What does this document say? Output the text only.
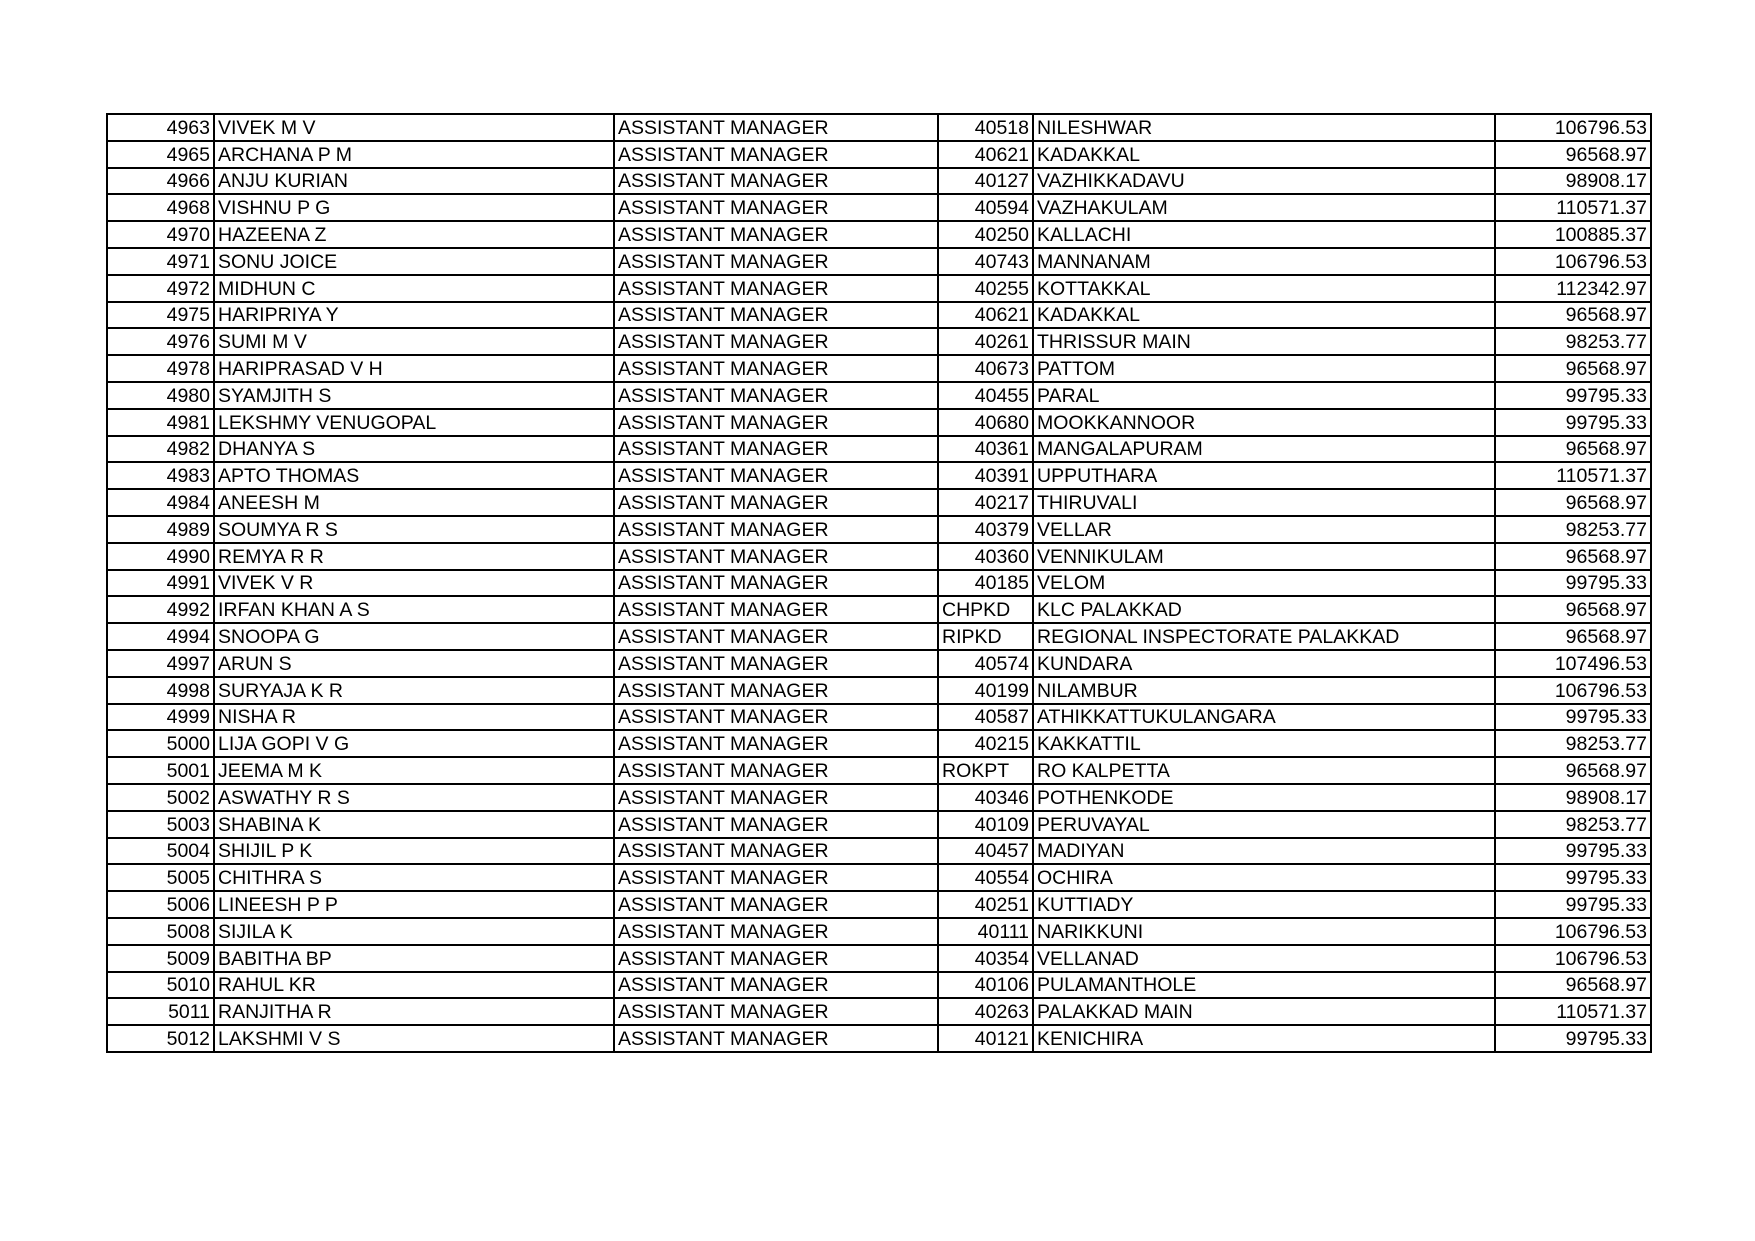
4963	VIVEK M V	ASSISTANT MANAGER	40518	NILESHWAR	106796.53
4965	ARCHANA P M	ASSISTANT MANAGER	40621	KADAKKAL	96568.97
4966	ANJU KURIAN	ASSISTANT MANAGER	40127	VAZHIKKADAVU	98908.17
4968	VISHNU P G	ASSISTANT MANAGER	40594	VAZHAKULAM	110571.37
4970	HAZEENA Z	ASSISTANT MANAGER	40250	KALLACHI	100885.37
4971	SONU JOICE	ASSISTANT MANAGER	40743	MANNANAM	106796.53
4972	MIDHUN C	ASSISTANT MANAGER	40255	KOTTAKKAL	112342.97
4975	HARIPRIYA Y	ASSISTANT MANAGER	40621	KADAKKAL	96568.97
4976	SUMI M V	ASSISTANT MANAGER	40261	THRISSUR MAIN	98253.77
4978	HARIPRASAD V H	ASSISTANT MANAGER	40673	PATTOM	96568.97
4980	SYAMJITH S	ASSISTANT MANAGER	40455	PARAL	99795.33
4981	LEKSHMY VENUGOPAL	ASSISTANT MANAGER	40680	MOOKKANNOOR	99795.33
4982	DHANYA S	ASSISTANT MANAGER	40361	MANGALAPURAM	96568.97
4983	APTO THOMAS	ASSISTANT MANAGER	40391	UPPUTHARA	110571.37
4984	ANEESH M	ASSISTANT MANAGER	40217	THIRUVALI	96568.97
4989	SOUMYA R S	ASSISTANT MANAGER	40379	VELLAR	98253.77
4990	REMYA R R	ASSISTANT MANAGER	40360	VENNIKULAM	96568.97
4991	VIVEK V R	ASSISTANT MANAGER	40185	VELOM	99795.33
4992	IRFAN KHAN A S	ASSISTANT MANAGER	CHPKD	KLC PALAKKAD	96568.97
4994	SNOOPA G	ASSISTANT MANAGER	RIPKD	REGIONAL INSPECTORATE PALAKKAD	96568.97
4997	ARUN S	ASSISTANT MANAGER	40574	KUNDARA	107496.53
4998	SURYAJA K R	ASSISTANT MANAGER	40199	NILAMBUR	106796.53
4999	NISHA R	ASSISTANT MANAGER	40587	ATHIKKATTUKULANGARA	99795.33
5000	LIJA GOPI V G	ASSISTANT MANAGER	40215	KAKKATTIL	98253.77
5001	JEEMA M K	ASSISTANT MANAGER	ROKPT	RO KALPETTA	96568.97
5002	ASWATHY R S	ASSISTANT MANAGER	40346	POTHENKODE	98908.17
5003	SHABINA K	ASSISTANT MANAGER	40109	PERUVAYAL	98253.77
5004	SHIJIL P K	ASSISTANT MANAGER	40457	MADIYAN	99795.33
5005	CHITHRA S	ASSISTANT MANAGER	40554	OCHIRA	99795.33
5006	LINEESH P P	ASSISTANT MANAGER	40251	KUTTIADY	99795.33
5008	SIJILA K	ASSISTANT MANAGER	40111	NARIKKUNI	106796.53
5009	BABITHA BP	ASSISTANT MANAGER	40354	VELLANAD	106796.53
5010	RAHUL KR	ASSISTANT MANAGER	40106	PULAMANTHOLE	96568.97
5011	RANJITHA R	ASSISTANT MANAGER	40263	PALAKKAD MAIN	110571.37
5012	LAKSHMI V S	ASSISTANT MANAGER	40121	KENICHIRA	99795.33
